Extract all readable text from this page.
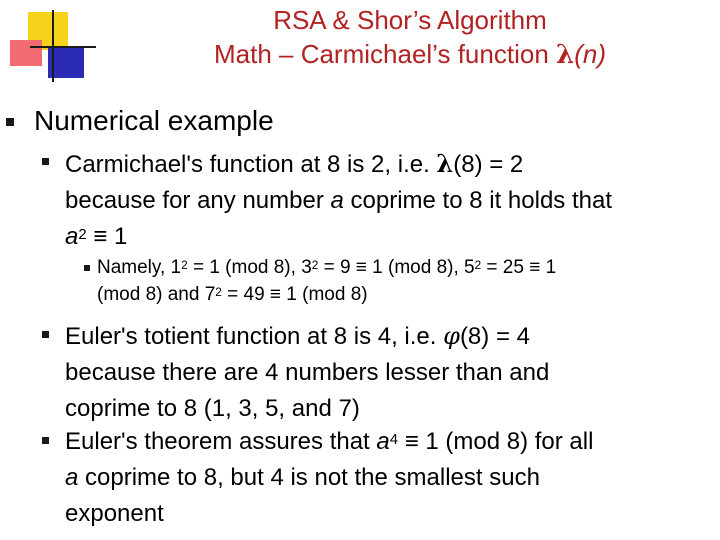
RSA & Shor’s Algorithm
Math – Carmichael’s function λ(n)
Numerical example
Carmichael's function at 8 is 2, i.e. λ(8) = 2
because for any number a coprime to 8 it holds that
$a^2 \equiv 1$
Namely, $1^2 = 1$ (mod 8), $3^2 = 9 \equiv 1$ (mod 8), $5^2 = 25 \equiv 1$
(mod 8) and $7^2 = 49 \equiv 1$ (mod 8)
Euler's totient function at 8 is 4, i.e. φ(8) = 4
because there are 4 numbers lesser than and
coprime to 8 (1, 3, 5, and 7)
Euler's theorem assures that $a^4 \equiv 1$ (mod 8) for all
a coprime to 8, but 4 is not the smallest such
exponent
